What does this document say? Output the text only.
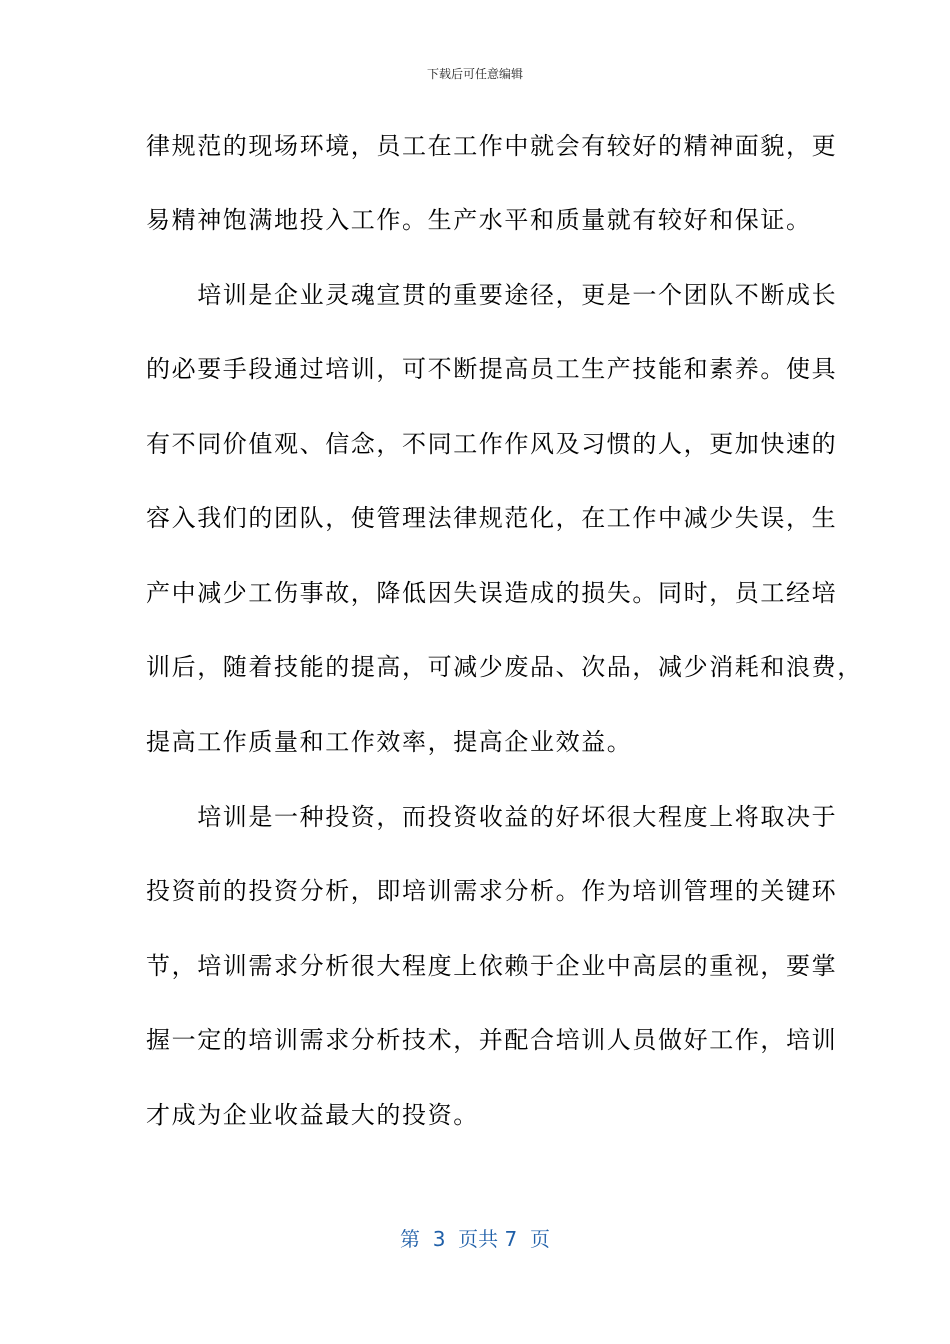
下载后可任意编辑
律规范的现场环境，员工在工作中就会有较好的精神面貌，更
易精神饱满地投入工作。生产水平和质量就有较好和保证。
　　培训是企业灵魂宣贯的重要途径，更是一个团队不断成长
的必要手段通过培训，可不断提高员工生产技能和素养。使具
有不同价值观、信念，不同工作作风及习惯的人，更加快速的
容入我们的团队，使管理法律规范化，在工作中减少失误，生
产中减少工伤事故，降低因失误造成的损失。同时，员工经培
训后，随着技能的提高，可减少废品、次品，减少消耗和浪费，
提高工作质量和工作效率，提高企业效益。
　　培训是一种投资，而投资收益的好坏很大程度上将取决于
投资前的投资分析，即培训需求分析。作为培训管理的关键环
节，培训需求分析很大程度上依赖于企业中高层的重视，要掌
握一定的培训需求分析技术，并配合培训人员做好工作，培训
才成为企业收益最大的投资。
第  3  页共 7  页
